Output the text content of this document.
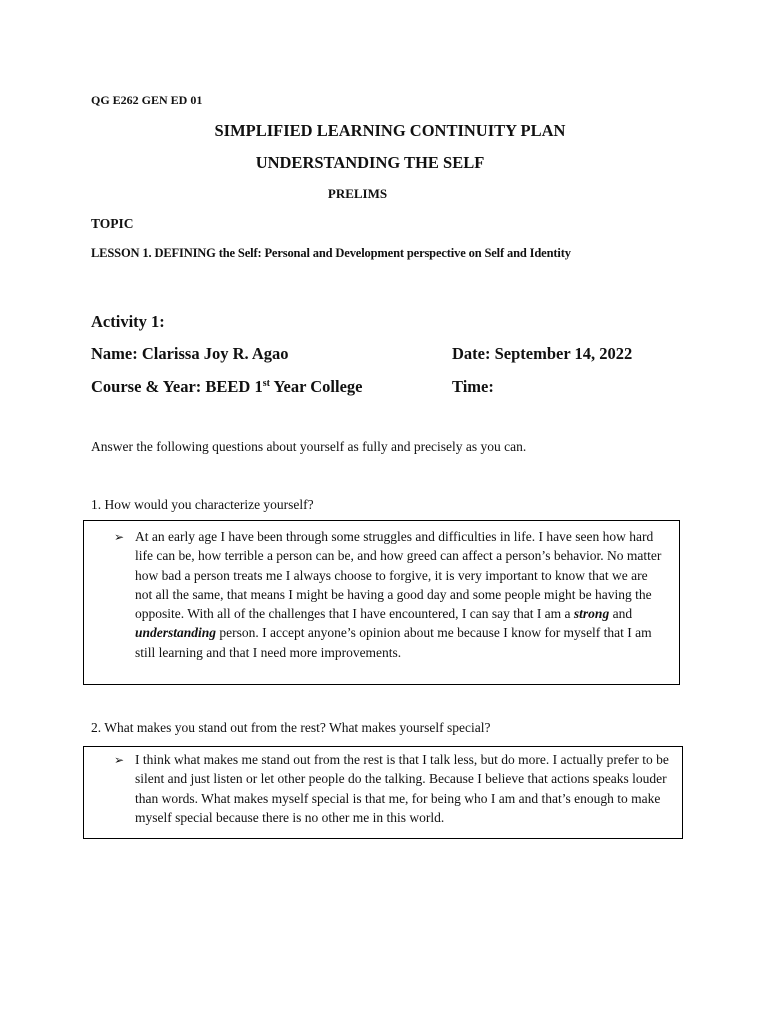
QG E262 GEN ED 01
SIMPLIFIED LEARNING CONTINUITY PLAN
UNDERSTANDING THE SELF
PRELIMS
TOPIC
LESSON 1. DEFINING the Self: Personal and Development perspective on Self and Identity
Activity 1:
Name: Clarissa Joy R. Agao	Date: September 14, 2022
Course & Year: BEED 1st Year College	Time:
Answer the following questions about yourself as fully and precisely as you can.
1. How would you characterize yourself?
➢ At an early age I have been through some struggles and difficulties in life. I have seen how hard life can be, how terrible a person can be, and how greed can affect a person’s behavior. No matter how bad a person treats me I always choose to forgive, it is very important to know that we are not all the same, that means I might be having a good day and some people might be having the opposite. With all of the challenges that I have encountered, I can say that I am a strong and understanding person. I accept anyone’s opinion about me because I know for myself that I am still learning and that I need more improvements.

2. What makes you stand out from the rest? What makes yourself special?
➢ I think what makes me stand out from the rest is that I talk less, but do more. I actually prefer to be silent and just listen or let other people do the talking. Because I believe that actions speaks louder than words. What makes myself special is that me, for being who I am and that’s enough to make myself special because there is no other me in this world.
